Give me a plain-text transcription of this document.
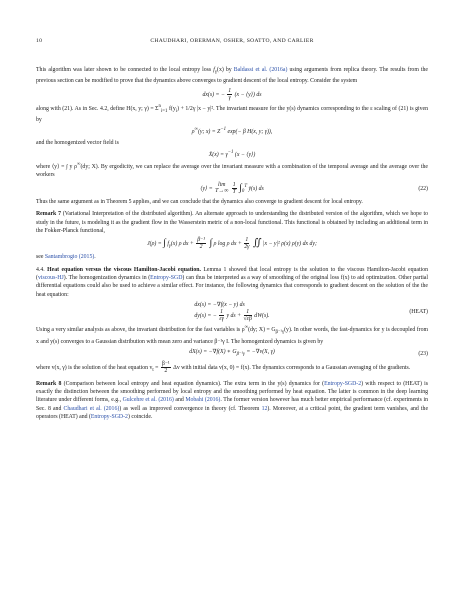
10	CHAUDHARI, OBERMAN, OSHER, SOATTO, AND CARLIER

This algorithm was later shown to be connected to the local entropy loss $f_\gamma(x)$ by Baldassi et al. (2016a) using arguments from replica theory. The results from the previous section can be modified to prove that the dynamics above converges to gradient descent of the local entropy. Consider the system

dx(s) = − $\frac{1}{\gamma} (x$ − ⟨y⟩) ds

along with (21). As in Sec. 4.2, define H(x, y; $\gamma) = \Sigma^n_{i=1}$ $f(y_i) + 1/2\gamma$ |x − y|². The invariant measure for the y(s) dynamics corresponding to the ε scaling of (21) is given by

ρ∞(y; $x) = Z^{-1}$ exp(− β H(x, y; γ)),

and the homogenized vector field is

X̄(x) = $\gamma^{-1}$ (x − ⟨y⟩)

where ⟨y⟩ = ∫ y ρ∞(dy; X). By ergodicity, we can replace the average over the invariant measure with a combination of the temporal average and the average over the workers

⟨y⟩ =
lim
T→∞
$\frac{1}{T} \int_0^T$ ȳ(s) ds	(22)

Thus the same argument as in Theorem 5 applies, and we can conclude that the dynamics also converge to gradient descent for local entropy.

Remark 7 (Variational Interpretation of the distributed algorithm). An alternate approach to understanding the distributed version of the algorithm, which we hope to study in the future, is modeling it as the gradient flow in the Wasserstein metric of a non-local functional. This functional is obtained by including an additional term in the Fokker-Planck functional,

J(ρ) = ∫ $f_\gamma(x)$ ρ dx + $\frac{\text{β⁻¹}}{2}$ ∫ ρ log ρ dx + $\frac{1}{2\gamma}$ ∬ |x − y|² ρ(x) ρ(y) dx dy;

see Santambrogio (2015).

4.4. Heat equation versus the viscous Hamilton-Jacobi equation. Lemma 1 showed that local entropy is the solution to the viscous Hamilton-Jacobi equation (viscous-HJ). The homogenization dynamics in (Entropy-SGD) can thus be interpreted as a way of smoothing of the original loss f(x) to aid optimization. Other partial differential equations could also be used to achieve a similar effect. For instance, the following dynamics that corresponds to gradient descent on the solution of the the heat equation:

dx(s) = −∇f(x − y) ds
dy(s) = − $\frac{1}{\varepsilon\gamma}$ y ds + $\frac{1}{√\varepsilon\beta} dW(s)$.
(HEAT)

Using a very similar analysis as above, the invariant distribution for the fast variables is ρ∞(dy; $X) = G_{\beta^{-1}\gamma}(y)$. In other words, the fast-dynamics for y is decoupled from x and y(s) converges to a Gaussian distribution with mean zero and variance β⁻¹γ I. The homogenized dynamics is given by

dX(s) = −∇f(X) ∗ $G_{\beta^{-1}\gamma} = -\nabla v(X$, γ)	(23)

where v(x, γ) is the solution of the heat equation $v_t = \frac{\text{β⁻¹}}{2}$ Δv with initial data v(x, 0) = f(x). The dynamics corresponds to a Gaussian averaging of the gradients.

Remark 8 (Comparison between local entropy and heat equation dynamics). The extra term in the y(s) dynamics for (Entropy-SGD-2) with respect to (HEAT) is exactly the distinction between the smoothing performed by local entropy and the smoothing performed by heat equation. The latter is common in the deep learning literature under different forms, e.g., Gulcehre et al. (2016) and Mobahi (2016). The former version however has much better empirical performance (cf. experiments in Sec. 8 and Chaudhari et al. (2016)) as well as improved convergence in theory (cf. Theorem 12). Moreover, at a critical point, the gradient term vanishes, and the operators (HEAT) and (Entropy-SGD-2) coincide.
